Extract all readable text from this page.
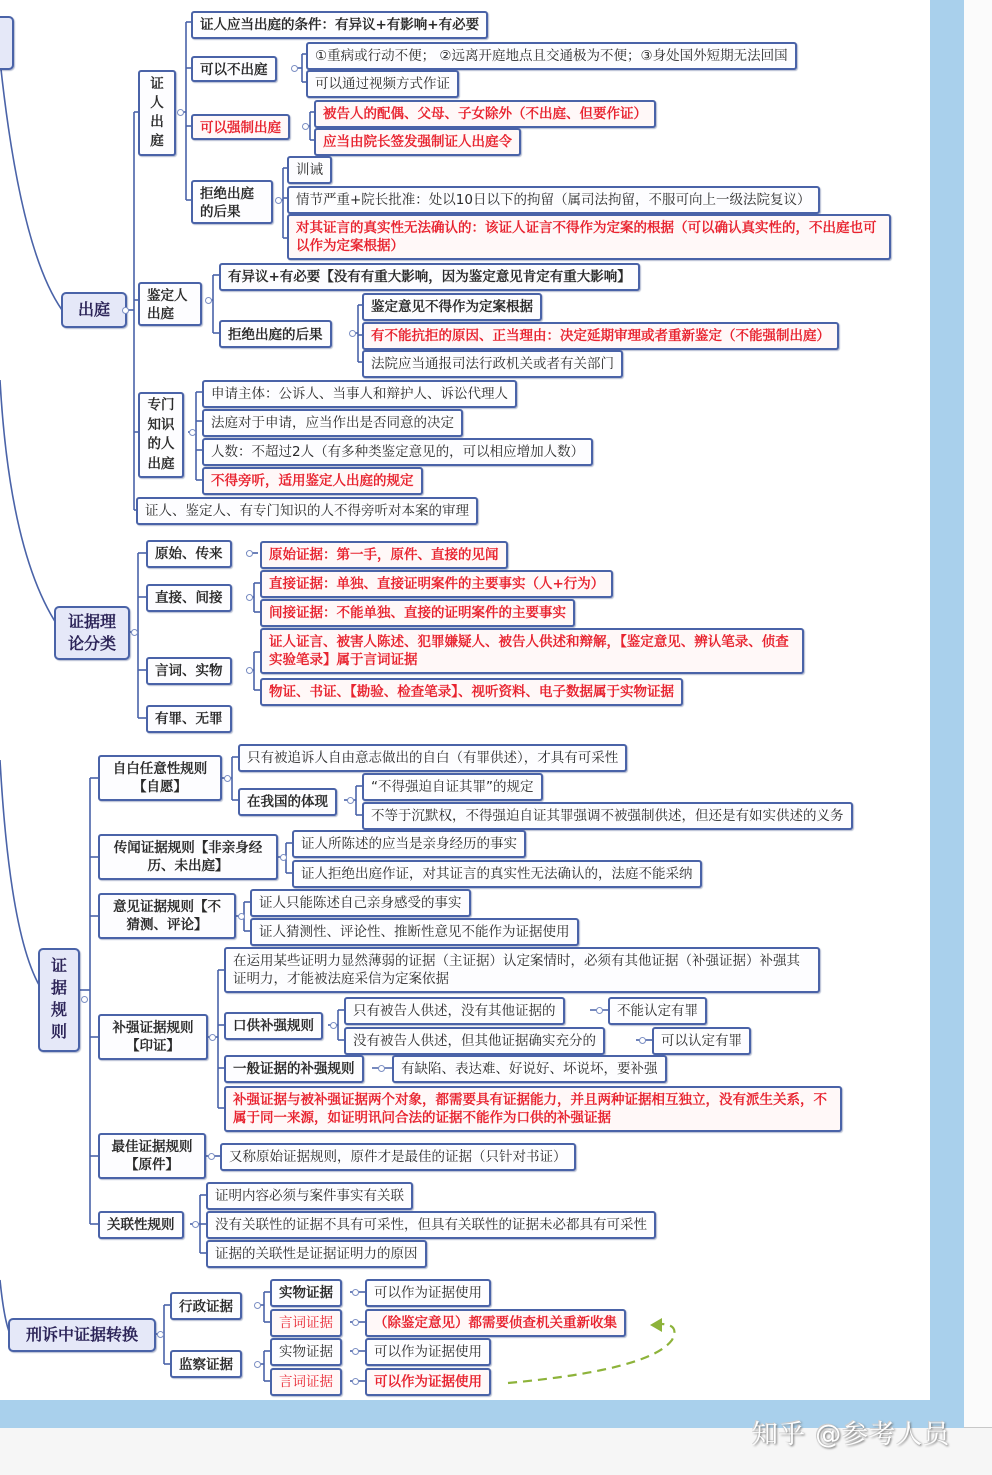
出庭
证人出庭
证人应当出庭的条件：有异议+有影响+有必要
可以不出庭
①重病或行动不便； ②远离开庭地点且交通极为不便；③身处国外短期无法回国
可以通过视频方式作证
可以强制出庭
被告人的配偶、父母、子女除外（不出庭、但要作证）
应当由院长签发强制证人出庭令
拒绝出庭的后果
训诫
情节严重+院长批准：处以10日以下的拘留（属司法拘留，不服可向上一级法院复议）
对其证言的真实性无法确认的：该证人证言不得作为定案的根据（可以确认真实性的，不出庭也可以作为定案根据）
鉴定人出庭
有异议+有必要【没有有重大影响，因为鉴定意见肯定有重大影响】
拒绝出庭的后果
鉴定意见不得作为定案根据
有不能抗拒的原因、正当理由：决定延期审理或者重新鉴定（不能强制出庭）
法院应当通报司法行政机关或者有关部门
专门知识的人出庭
申请主体：公诉人、当事人和辩护人、诉讼代理人
法庭对于申请，应当作出是否同意的决定
人数：不超过2人（有多种类鉴定意见的，可以相应增加人数）
不得旁听，适用鉴定人出庭的规定
证人、鉴定人、有专门知识的人不得旁听对本案的审理
证据理论分类
原始、传来	原始证据：第一手，原件、直接的见闻
直接、间接
直接证据：单独、直接证明案件的主要事实（人+行为）
间接证据：不能单独、直接的证明案件的主要事实
言词、实物
证人证言、被害人陈述、犯罪嫌疑人、被告人供述和辩解，【鉴定意见、辨认笔录、侦查实验笔录】属于言词证据
物证、书证、【勘验、检查笔录】、视听资料、电子数据属于实物证据
有罪、无罪
证据规则
自白任意性规则【自愿】
只有被追诉人自由意志做出的自白（有罪供述），才具有可采性
在我国的体现
“不得强迫自证其罪”的规定
不等于沉默权，不得强迫自证其罪强调不被强制供述，但还是有如实供述的义务
传闻证据规则【非亲身经历、未出庭】
证人所陈述的应当是亲身经历的事实
证人拒绝出庭作证，对其证言的真实性无法确认的，法庭不能采纳
意见证据规则【不猜测、评论】
证人只能陈述自己亲身感受的事实
证人猜测性、评论性、推断性意见不能作为证据使用
补强证据规则【印证】
在运用某些证明力显然薄弱的证据（主证据）认定案情时，必须有其他证据（补强证据）补强其证明力，才能被法庭采信为定案依据
口供补强规则
只有被告人供述，没有其他证据的	不能认定有罪
没有被告人供述，但其他证据确实充分的	可以认定有罪
一般证据的补强规则	有缺陷、表达难、好说好、坏说坏，要补强
补强证据与被补强证据两个对象，都需要具有证据能力，并且两种证据相互独立，没有派生关系，不属于同一来源，如证明讯问合法的证据不能作为口供的补强证据
最佳证据规则【原件】	又称原始证据规则，原件才是最佳的证据（只针对书证）
关联性规则
证明内容必须与案件事实有关联
没有关联性的证据不具有可采性，但具有关联性的证据未必都具有可采性
证据的关联性是证据证明力的原因
刑诉中证据转换
行政证据
实物证据	可以作为证据使用
言词证据	（除鉴定意见）都需要侦查机关重新收集
监察证据
实物证据	可以作为证据使用
言词证据	可以作为证据使用
知乎 @参考人员
